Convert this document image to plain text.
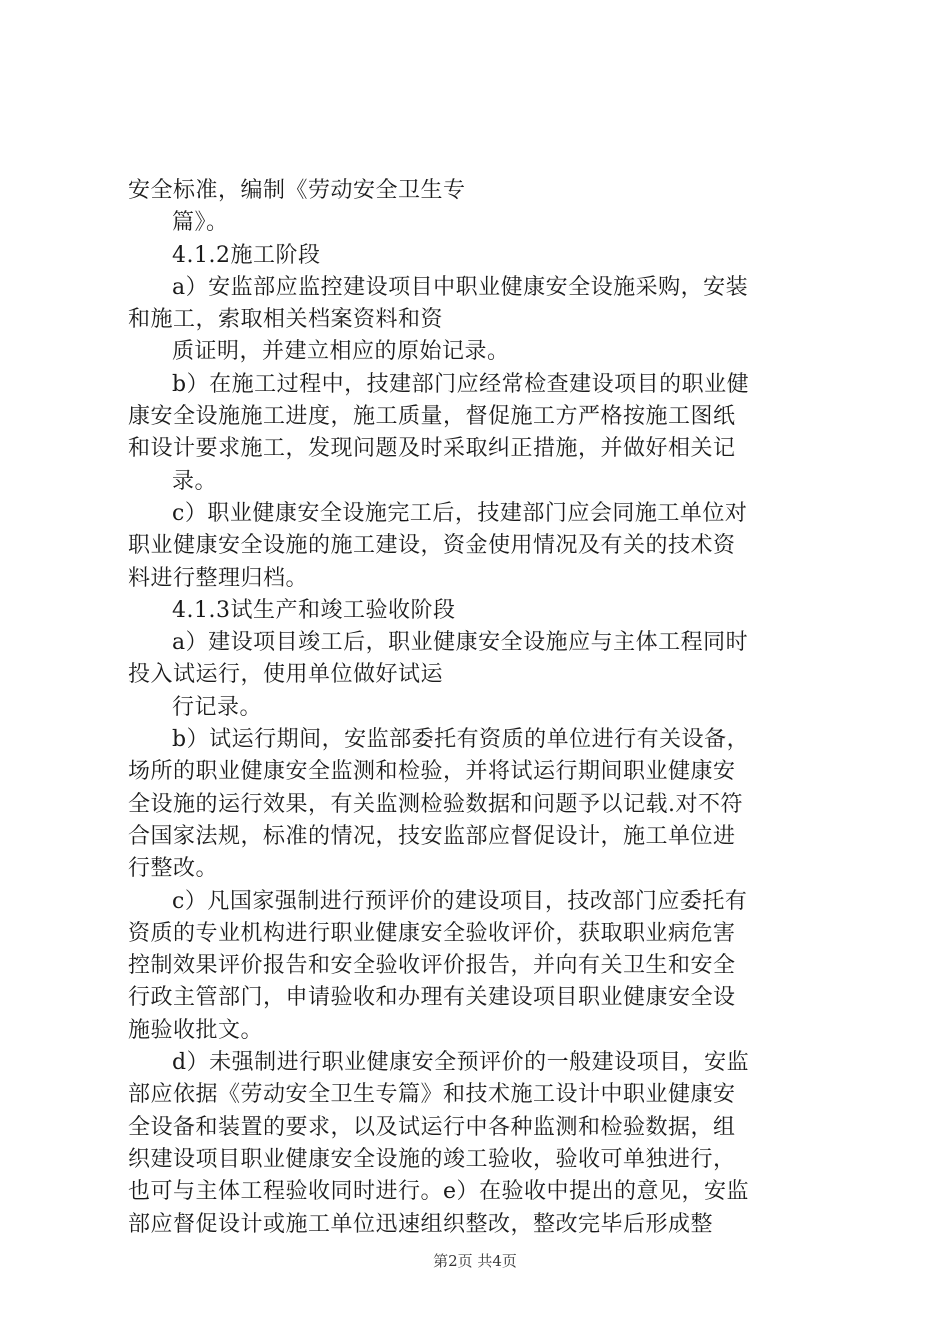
安全标准，编制《劳动安全卫生专
篇》。
4.1.2施工阶段
a）安监部应监控建设项目中职业健康安全设施采购，安装
和施工，索取相关档案资料和资
质证明，并建立相应的原始记录。
b）在施工过程中，技建部门应经常检查建设项目的职业健
康安全设施施工进度，施工质量，督促施工方严格按施工图纸
和设计要求施工，发现问题及时采取纠正措施，并做好相关记
录。
c）职业健康安全设施完工后，技建部门应会同施工单位对
职业健康安全设施的施工建设，资金使用情况及有关的技术资
料进行整理归档。
4.1.3试生产和竣工验收阶段
a）建设项目竣工后，职业健康安全设施应与主体工程同时
投入试运行，使用单位做好试运
行记录。
b）试运行期间，安监部委托有资质的单位进行有关设备，
场所的职业健康安全监测和检验，并将试运行期间职业健康安
全设施的运行效果，有关监测检验数据和问题予以记载.对不符
合国家法规，标准的情况，技安监部应督促设计，施工单位进
行整改。
c）凡国家强制进行预评价的建设项目，技改部门应委托有
资质的专业机构进行职业健康安全验收评价，获取职业病危害
控制效果评价报告和安全验收评价报告，并向有关卫生和安全
行政主管部门，申请验收和办理有关建设项目职业健康安全设
施验收批文。
d）未强制进行职业健康安全预评价的一般建设项目，安监
部应依据《劳动安全卫生专篇》和技术施工设计中职业健康安
全设备和装置的要求，以及试运行中各种监测和检验数据，组
织建设项目职业健康安全设施的竣工验收，验收可单独进行，
也可与主体工程验收同时进行。e）在验收中提出的意见，安监
部应督促设计或施工单位迅速组织整改，整改完毕后形成整
第2页 共4页
